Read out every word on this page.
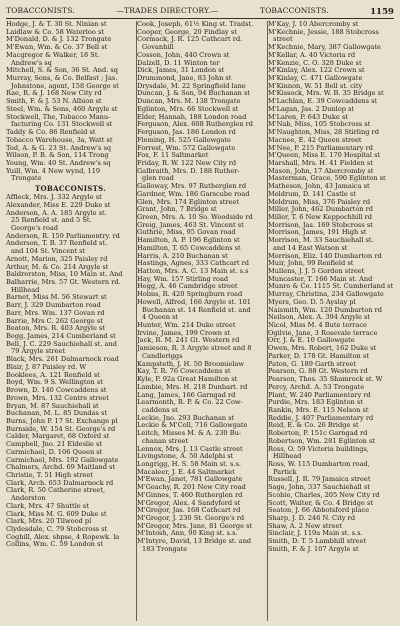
TOBACCONISTS.	—TRADES DIRECTORY.—	TOBACCONISTS.	1159
Hodge, J. & T. 30 St. Ninian st
Laidlaw & Co. 58 Waterloo st
M'Donald, D. & J. 132 Trongate
M'Ewan, Wm. & Co. 37 Bell st
Macgregor & Walker, 18 St.
Andrew's sq
Mitchell, S. & Son, 36 St. And. sq
Murray, Sons, & Co. Belfast ; Jas.
Johnstone, agent, 158 George st
Rae, R. & J. 168 New City rd
Smith, F. & J. 53 N. Albion st
Steel, Wm. & Sons, 460 Argyle st
Stockwell, The, Tobacco Manu-
facturing Co. 131 Stockwell st
Taddy & Co. 86 Renfield st
Tobacco Warehouse, 3a, Watt st
Tod, A. & G. 23 St. Andrew's sq
Wilson, P. B. & Son, 114 Trong
Young, Wm. 40 St. Andrew's sq
Yuill, Wm. 4 New wynd, 119
Trongate
TOBACCONISTS.
Affleck, Mrs. J. 332 Argyle st
Alexander, Miss E. 229 Duke st
Anderson, A. A. 185 Argyle st.
25 Renfield st. and 5 St.
George's road
Anderson, R. 159 Parliamentry. rd
Anderson, T. B. 37 Renfield st.
and 104 St. Vincent st
Arnott, Marion, 325 Paisley rd
Arthur, M. & Co. 214 Argyle st
Baldrerston, Miss, 10 Main st. And
Balharrie, Mrs. 57 Gt. Western rd.
Hillhead
Barnet, Miss M. 56 Stewart st
Barr, J. 329 Dumbarton road
Barr, Mrs. Wm. 137 Govan rd
Barrie, Mrs C. 262 George st
Beaton, Mrs. R. 403 Argyle st
Begg, James, 214 Cumberland st
Bell, J. C. 229 Sauchiehall st. and
79 Argyle street
Black, Mrs. 261 Dalmarnock road
Blair, J. 87 Paisley rd. W
Booklees, A. 121 Renfield st
Boyd, Wm. 9 S. Wellington st
Brown, D. 140 Cowcaddens st
Brown, Mrs. 132 Centre street
Bryan, M. 87 Sauchiehall st
Buchanan, M. L. 85 Dundas st
Burns, John P. 17 St. Exchange pl
Burnside, W. 154 St. George's rd
Calder, Margaret, 68 Oxford st
Campbell, Jno. 21 Eldeslie st
Carmichael, D. 106 Queen st
Carmichael, Mrs. 192 Gallowgate
Chalmers, Archd. 69 Maitland st
Christie, T. 51 High street
Clark, Arch. 653 Dalmarnock rd
Clark, R. 50 Catherine street,
Anderston
Clark, Mrs. 47 Shuttle st
Clark, Miss M. G. 609 Duke st
Clark, Mrs. 20 Tilwood pl
Clydesdale, C. 79 Stobcross st
Coghill, Alex. shpse, 4 Ropewk. la
Collins, Wm. C. 59 London st
Cook, Joseph, 61½ King st. Tradst.
Cooper, George, 20 Findlay st
Cormack, J. R. 125 Cathcart rd.
Govanhill
Cosson, John, 440 Crown st
Dalzell, D. 11 Winton ter
Dick, James, 31 London st
Drummond, Jane, 83 John st
Drysdale, M. 22 Springfield lane
Duncan, J. & Son, 94 Buchanan st
Duncan, Mrs. M. 138 Trongate
Eglinton, Mrs. 66 Stockwell st
Elder, Hannah, 188 London road
Ferguson, Alex. 608 Rutherglen rd
Ferguson, Jas. 186 London rd
Fleming, H. 525 Gallowgate
Forrest, Wm. 572 Gallowgate
Fox, F. 11 Saltmarket
Friday, R. W. 122 New City rd
Galbraith, Mrs. D. 188 Ruther-
glen road
Galloway, Mrs. 97 Rutherglen rd
Gardner, Wm. 186 Garscube road
Glen, Mrs. 174 Eglinton street
Grant, John, 7 Bridge st
Green, Mrs. A. 10 So. Woodside rd
Greig, James, 463 St. Vincent st
Guthrie, Miss, 95 Govan road
Hamilton, A. P. 196 Eglinton st
Hamilton, T. 65 Cowcaddens st
Harris, A. 210 Buchanan st
Hastings, Agnes, 333 Cathcart rd
Hatton, Mrs. A. C. 13 Main st. s.s
Hay, Wm. 157 Stirling road
Hegg, A. 46 Cambridge street
Holms, R. 420 Springburn road
Howell, Alfred, 166 Argyle st. 101
Buchanan st. 14 Renfield st. and
4 Queen st
Hunter, Wm. 214 Duke street
Irvine, James, 199 Crown st
Jack, R. M. 241 Gt. Western rd
Jamieson, R. 3 Argyle street and 8
Candleriggs
Kampsteth, J. H. 50 Broomielaw
Kay, T. R. 76 Cowcaddens st
Kyle, P. 92a Great Hamilton st
Lambie, Mrs. H. 218 Dunbart. rd
Lang, James, 166 Garngad rd
Learmonth, R. P. & Co. 22 Cow-
caddens st
Leckie, Jno. 293 Buchanan st
Leckie & M'Coll, 716 Gallowgate
Leitch, Misses M. & A. 230 Bu-
chanan street
Lennox, Mrs. J. 13 Castle street
Livingstone, A. 50 Adelphi st
Longrigg, H. S. 58 Main st. s.s.
Macaleer, J. E. 44 Saltmarket
M'Ewan, Janet, 781 Gallowgate
M'Geachy, R. 201 New City road
M'Ginnes, T. 460 Rutherglen rd
M'Gregor, Alex. 4 Sandyford st
M'Gregor, Jas. 168 Cathcart rd
M'Gregor, J. 230 St. George's rd
M'Gregor, Mrs. Jane, 81 George st
M'Intosh, Ann, 90 King st. s.s.
M'Intyre, David, 13 Bridge st. and
183 Trongate
M'Kay, J. 10 Abercromby st
M'Kechnie, Jessie, 188 Stobcross
street
M'Kechnie, Mary, 387 Gallowgate
M'Kellar, A. 40 Victoria rd
M'Kenzie, C. O. 328 Duke st
M'Kinlay, Alex. 122 Crown st
M'Kinlay, C. 471 Gallowgate
M'Kinnon, W. 51 Bell st. city
M'Kissock, Mrs. W. B. 35 Bridge st
M'Lachlan, E. 39 Cowcaddens st
M'Lagan, Jas. 2 Dunlop st
M'Laren, P. 643 Duke st
M'Nab, Miss, 105 Stobcross st
M'Naughton, Miss, 28 Stirling rd
Macnee, E. 42 Queen street
M'Nee, P. 215 Parliamentary rd
M'Queen, Miss E. 170 Hospital st
Marshall, Mrs. H. 41 Fielden st
Mason, John, 17 Abercromby st
Masterman, Grace, 590 Eglinton st
Matheson, John, 43 Jamaica st
Meldrum, D. 141 Castle st
Meldrum, Miss, 376 Paisley rd
Miller, John, 462 Dumbarton rd
Miller, T. 6 New Keppochhill rd
Morrison, Jas. 169 Stobcross st
Morrison, James, 191 High st
Morrison, M. 33 Sauchiehall st.
and 14 East Watson st
Morrison, Eliz. 140 Dumbarton rd
Muir, John, 99 Renfield st
Mullens, J. J. 5 Gordon street
Muncaster, T. 166 Main st. And
Munro & Co. 1115 St. Cumberland st
Murray, Christina, 234 Gallowgate
Myers, Geo. D. 5 Ayslay pl
Naismith, Wm. 120 Dumbarton rd
Neilson, Alex. A. 394 Argyle st
Nicol, Miss M. 4 Bute terrace
Ogilvie, Jane, 3 Rosevale terrace
Orr, J. & E. 10 Gallowgate
Owen, Mrs. Robert, 162 Duke st
Parker, D. 178 Gt. Hamilton st
Paton, G. 189 Garth street
Pearson, G. 88 Gt. Western rd
Pearson, Thos. 35 Shamrock st. W
Percy, Archd. A. 53 Trongate
Plant, W. 240 Parliamentary rd
Purdie, Mrs. 183 Eglinton st
Rankin, Mrs. E. 115 Nelson st
Reddie, J. 407 Parliamentary rd
Reid, E. & Co. 26 Bridge st
Roberton, P. 151c Garngad rd
Robertson, Wm. 281 Eglinton st
Ross, O. 59 Victoria buildings,
Hillhead
Ross, W. 115 Dumbarton road,
Partick
Russell, J. R. 79 Jamaica street
Sage, John, 337 Sauchiehall st
Scobie, Charles, 205 New City rd
Scott, Walter, & Co. 4 Bridge st
Seaton, J. 66 Abbotsford place
Sharp, J. D. 246 N. City rd
Shaw, A. 2 New street
Sinclair, J. 119a Main st. s.s.
Smith, D. T. 5 Lambhill street
Smith, F. & J. 107 Argyle st
